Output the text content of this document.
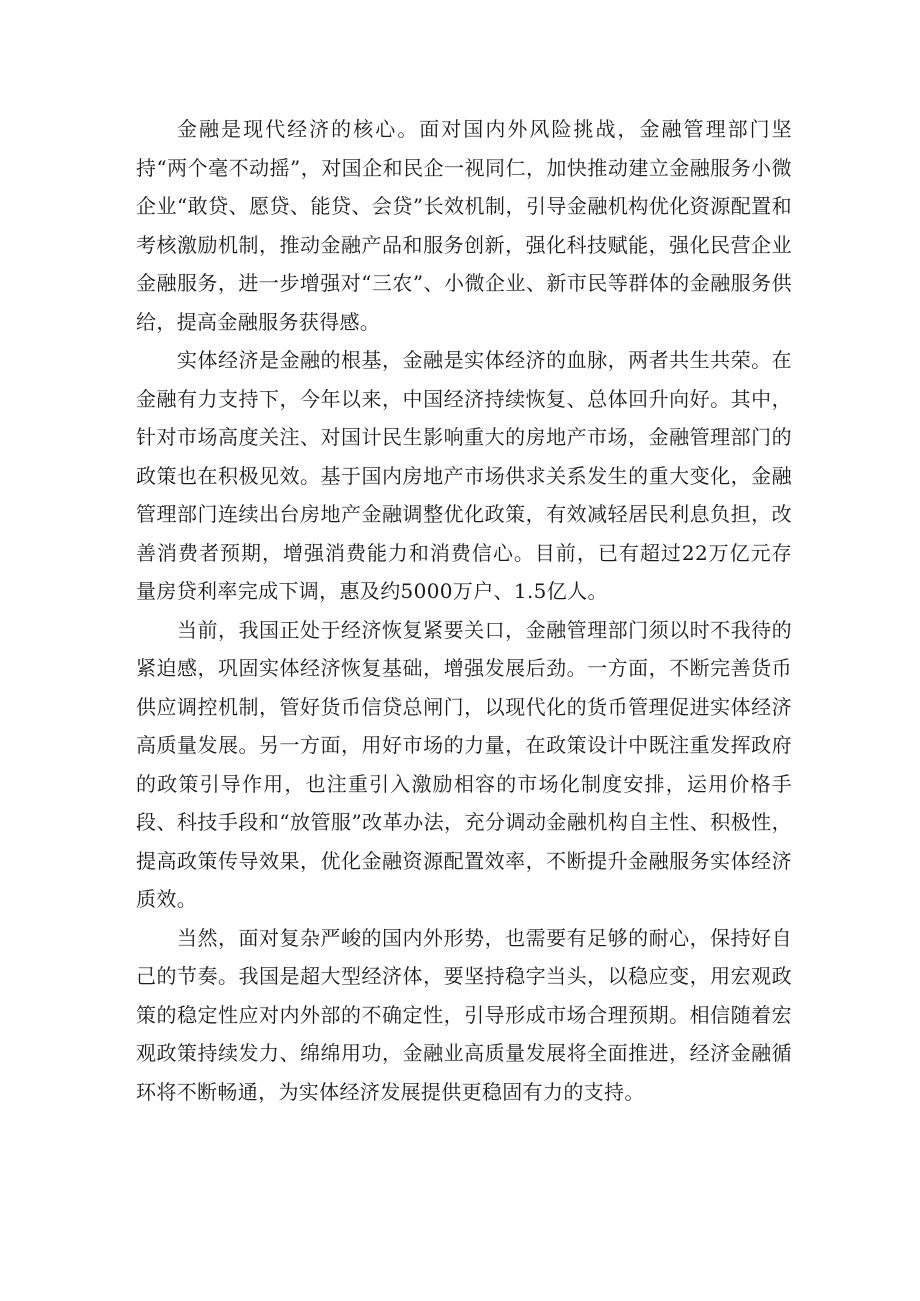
金融是现代经济的核心。面对国内外风险挑战，金融管理部门坚持“两个毫不动摇”，对国企和民企一视同仁，加快推动建立金融服务小微企业“敢贷、愿贷、能贷、会贷”长效机制，引导金融机构优化资源配置和考核激励机制，推动金融产品和服务创新，强化科技赋能，强化民营企业金融服务，进一步增强对“三农”、小微企业、新市民等群体的金融服务供给，提高金融服务获得感。

实体经济是金融的根基，金融是实体经济的血脉，两者共生共荣。在金融有力支持下，今年以来，中国经济持续恢复、总体回升向好。其中，针对市场高度关注、对国计民生影响重大的房地产市场，金融管理部门的政策也在积极见效。基于国内房地产市场供求关系发生的重大变化，金融管理部门连续出台房地产金融调整优化政策，有效减轻居民利息负担，改善消费者预期，增强消费能力和消费信心。目前，已有超过22万亿元存量房贷利率完成下调，惠及约5000万户、1.5亿人。

当前，我国正处于经济恢复紧要关口，金融管理部门须以时不我待的紧迫感，巩固实体经济恢复基础，增强发展后劲。一方面，不断完善货币供应调控机制，管好货币信贷总闸门，以现代化的货币管理促进实体经济高质量发展。另一方面，用好市场的力量，在政策设计中既注重发挥政府的政策引导作用，也注重引入激励相容的市场化制度安排，运用价格手段、科技手段和“放管服”改革办法，充分调动金融机构自主性、积极性，提高政策传导效果，优化金融资源配置效率，不断提升金融服务实体经济质效。

当然，面对复杂严峻的国内外形势，也需要有足够的耐心，保持好自己的节奏。我国是超大型经济体，要坚持稳字当头，以稳应变，用宏观政策的稳定性应对内外部的不确定性，引导形成市场合理预期。相信随着宏观政策持续发力、绵绵用功，金融业高质量发展将全面推进，经济金融循环将不断畅通，为实体经济发展提供更稳固有力的支持。
